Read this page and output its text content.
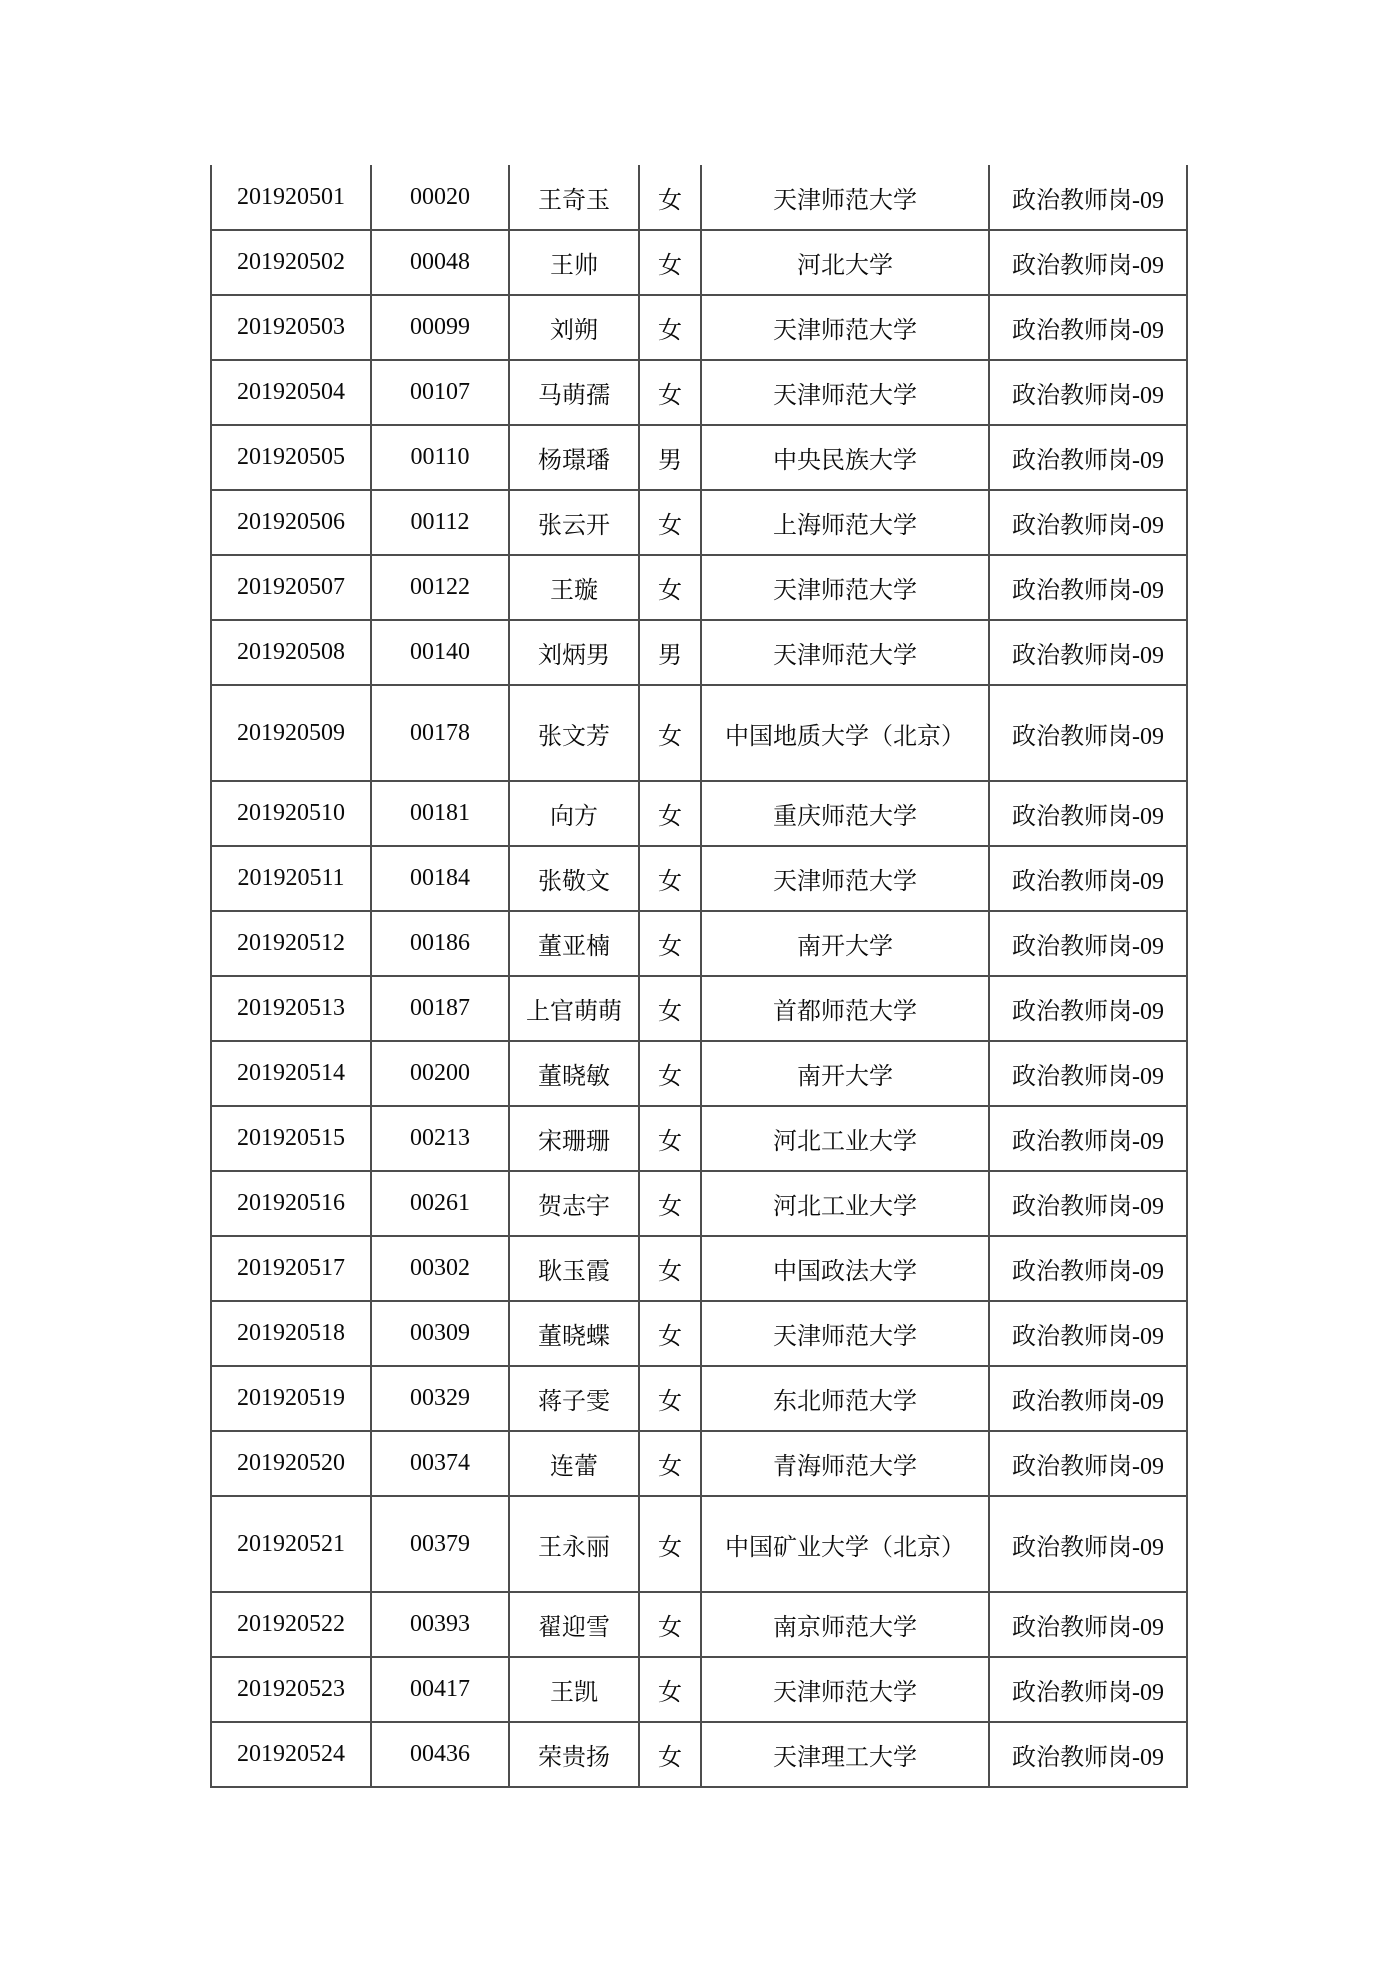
201920501	00020	王奇玉	女	天津师范大学	政治教师岗-09
201920502	00048	王帅	女	河北大学	政治教师岗-09
201920503	00099	刘朔	女	天津师范大学	政治教师岗-09
201920504	00107	马萌孺	女	天津师范大学	政治教师岗-09
201920505	00110	杨璟璠	男	中央民族大学	政治教师岗-09
201920506	00112	张云开	女	上海师范大学	政治教师岗-09
201920507	00122	王璇	女	天津师范大学	政治教师岗-09
201920508	00140	刘炳男	男	天津师范大学	政治教师岗-09
201920509	00178	张文芳	女	中国地质大学（北京）	政治教师岗-09
201920510	00181	向方	女	重庆师范大学	政治教师岗-09
201920511	00184	张敬文	女	天津师范大学	政治教师岗-09
201920512	00186	董亚楠	女	南开大学	政治教师岗-09
201920513	00187	上官萌萌	女	首都师范大学	政治教师岗-09
201920514	00200	董晓敏	女	南开大学	政治教师岗-09
201920515	00213	宋珊珊	女	河北工业大学	政治教师岗-09
201920516	00261	贺志宇	女	河北工业大学	政治教师岗-09
201920517	00302	耿玉霞	女	中国政法大学	政治教师岗-09
201920518	00309	董晓蝶	女	天津师范大学	政治教师岗-09
201920519	00329	蒋子雯	女	东北师范大学	政治教师岗-09
201920520	00374	连蕾	女	青海师范大学	政治教师岗-09
201920521	00379	王永丽	女	中国矿业大学（北京）	政治教师岗-09
201920522	00393	翟迎雪	女	南京师范大学	政治教师岗-09
201920523	00417	王凯	女	天津师范大学	政治教师岗-09
201920524	00436	荣贵扬	女	天津理工大学	政治教师岗-09
